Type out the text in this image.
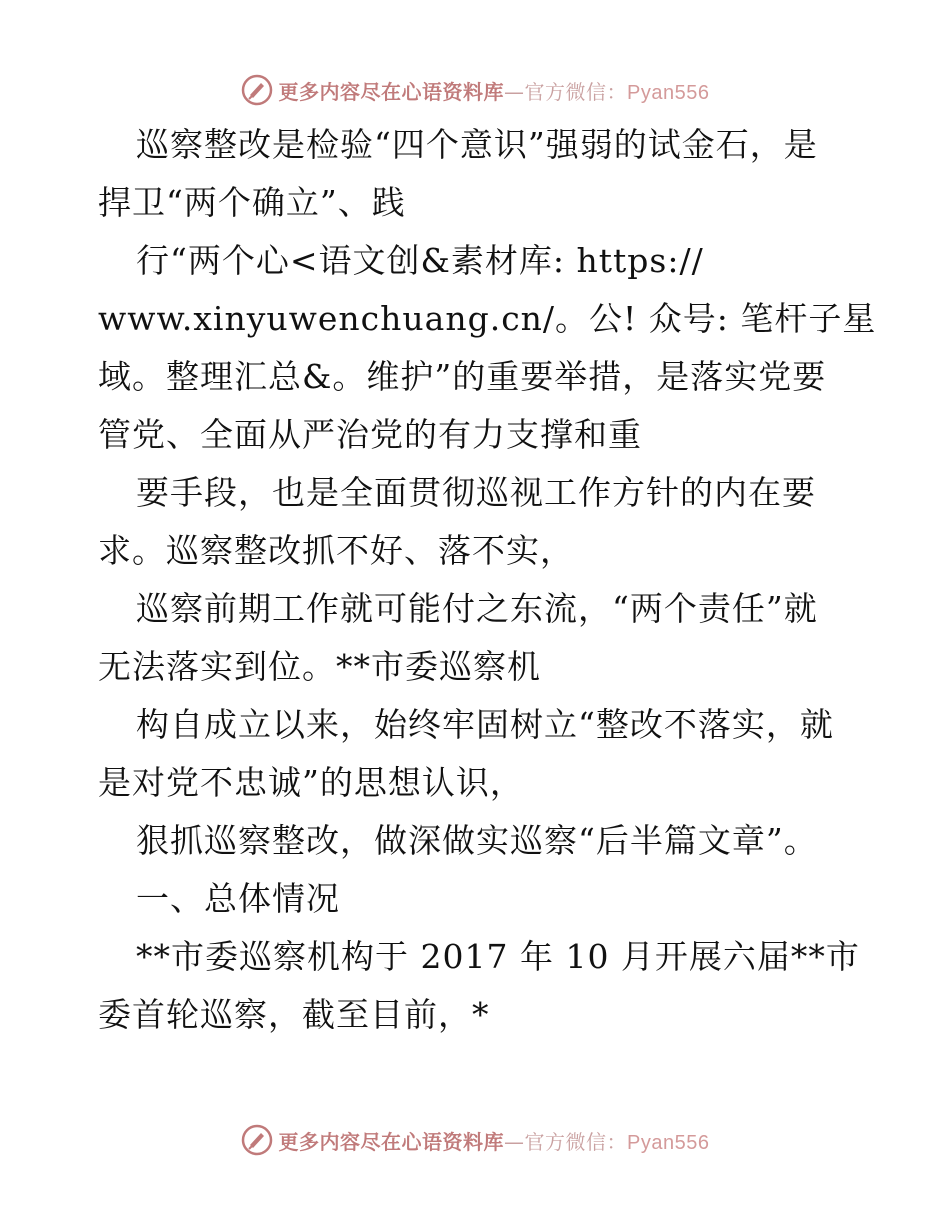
更多内容尽在心语资料库—官方微信：Pyan556
巡察整改是检验“四个意识”强弱的试金石，是
捍卫“两个确立”、践
行“两个心<语文创&素材库: https://
www.xinyuwenchuang.cn/。公! 众号: 笔杆子星
域。整理汇总&。维护”的重要举措，是落实党要
管党、全面从严治党的有力支撑和重
要手段，也是全面贯彻巡视工作方针的内在要
求。巡察整改抓不好、落不实，
巡察前期工作就可能付之东流，“两个责任”就
无法落实到位。**市委巡察机
构自成立以来，始终牢固树立“整改不落实，就
是对党不忠诚”的思想认识，
狠抓巡察整改，做深做实巡察“后半篇文章”。
一、总体情况
**市委巡察机构于 2017 年 10 月开展六届**市
委首轮巡察，截至目前，*
更多内容尽在心语资料库—官方微信：Pyan556
